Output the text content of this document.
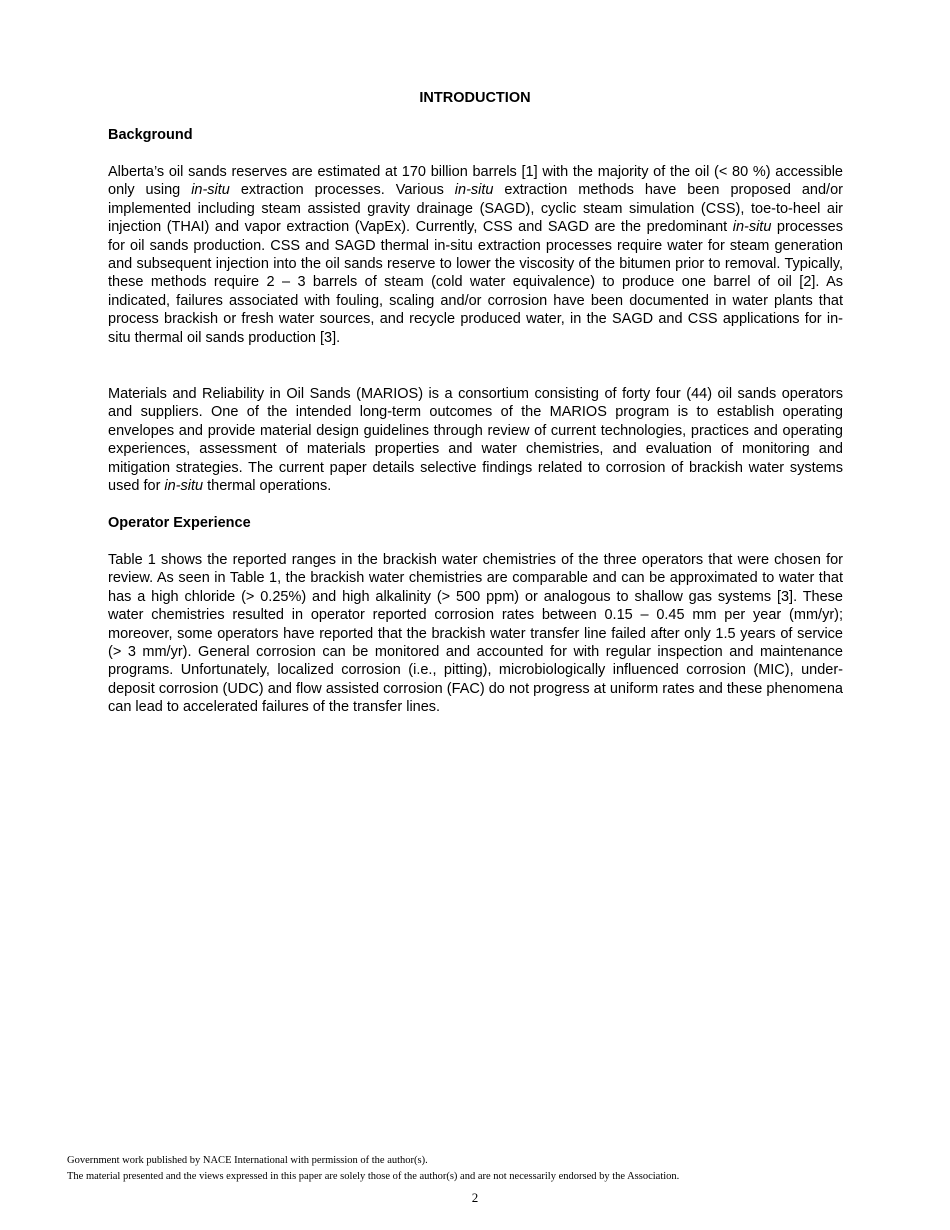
INTRODUCTION
Background

Alberta’s oil sands reserves are estimated at 170 billion barrels [1] with the majority of the oil (< 80 %) accessible only using in-situ extraction processes. Various in-situ extraction methods have been proposed and/or implemented including steam assisted gravity drainage (SAGD), cyclic steam simulation (CSS), toe-to-heel air injection (THAI) and vapor extraction (VapEx). Currently, CSS and SAGD are the predominant in-situ processes for oil sands production. CSS and SAGD thermal in-situ extraction processes require water for steam generation and subsequent injection into the oil sands reserve to lower the viscosity of the bitumen prior to removal. Typically, these methods require 2 – 3 barrels of steam (cold water equivalence) to produce one barrel of oil [2]. As indicated, failures associated with fouling, scaling and/or corrosion have been documented in water plants that process brackish or fresh water sources, and recycle produced water, in the SAGD and CSS applications for in-situ thermal oil sands production [3].

Materials and Reliability in Oil Sands (MARIOS) is a consortium consisting of forty four (44) oil sands operators and suppliers. One of the intended long-term outcomes of the MARIOS program is to establish operating envelopes and provide material design guidelines through review of current technologies, practices and operating experiences, assessment of materials properties and water chemistries, and evaluation of monitoring and mitigation strategies. The current paper details selective findings related to corrosion of brackish water systems used for in-situ thermal operations.

Operator Experience

Table 1 shows the reported ranges in the brackish water chemistries of the three operators that were chosen for review. As seen in Table 1, the brackish water chemistries are comparable and can be approximated to water that has a high chloride (> 0.25%) and high alkalinity (> 500 ppm) or analogous to shallow gas systems [3]. These water chemistries resulted in operator reported corrosion rates between 0.15 – 0.45 mm per year (mm/yr); moreover, some operators have reported that the brackish water transfer line failed after only 1.5 years of service (> 3 mm/yr). General corrosion can be monitored and accounted for with regular inspection and maintenance programs. Unfortunately, localized corrosion (i.e., pitting), microbiologically influenced corrosion (MIC), under-deposit corrosion (UDC) and flow assisted corrosion (FAC) do not progress at uniform rates and these phenomena can lead to accelerated failures of the transfer lines.

Government work published by NACE International with permission of the author(s).

The material presented and the views expressed in this paper are solely those of the author(s) and are not necessarily endorsed by the Association.

2
